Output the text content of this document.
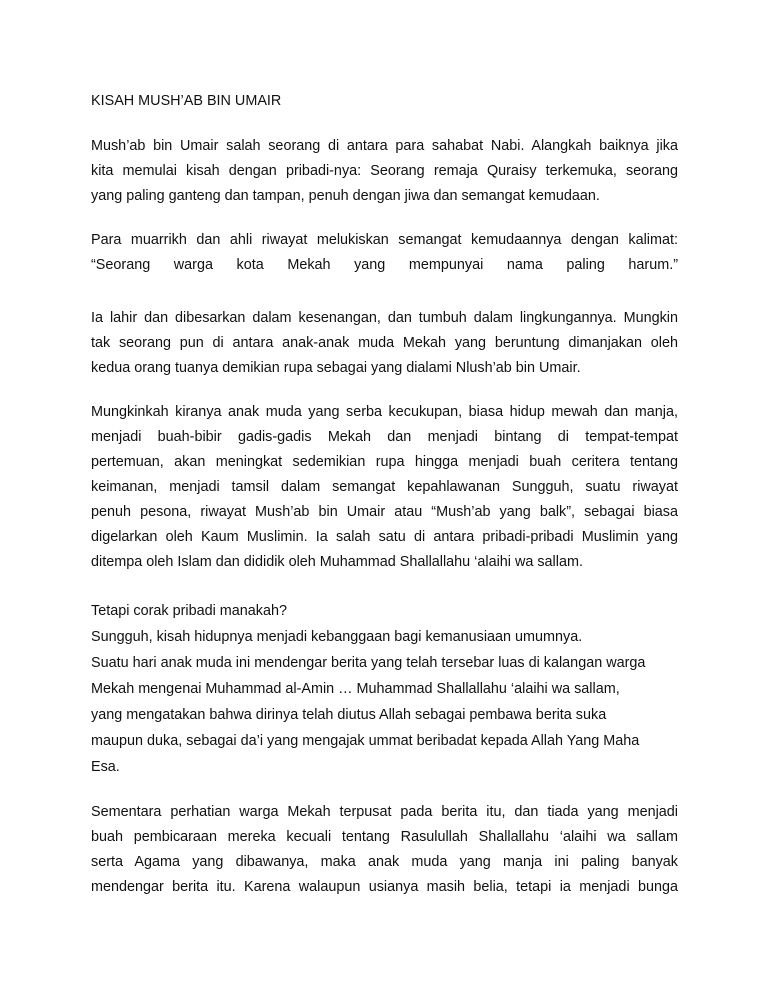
KISAH MUSH’AB BIN UMAIR

Mush’ab bin Umair salah seorang di antara para sahabat Nabi. Alangkah baiknya jika
kita memulai kisah dengan pribadi-nya: Seorang remaja Quraisy terkemuka, seorang
yang paling ganteng dan tampan, penuh dengan jiwa dan semangat kemudaan.

Para muarrikh dan ahli riwayat melukiskan semangat kemudaannya dengan kalimat:
“Seorang warga kota Mekah yang mempunyai nama paling harum.”

Ia lahir dan dibesarkan dalam kesenangan, dan tumbuh dalam lingkungannya. Mungkin
tak seorang pun di antara anak-anak muda Mekah yang beruntung dimanjakan oleh
kedua orang tuanya demikian rupa sebagai yang dialami Nlush’ab bin Umair.

Mungkinkah kiranya anak muda yang serba kecukupan, biasa hidup mewah dan manja,
menjadi buah-bibir gadis-gadis Mekah dan menjadi bintang di tempat-tempat
pertemuan, akan meningkat sedemikian rupa hingga menjadi buah ceritera tentang
keimanan, menjadi tamsil dalam semangat kepahlawanan Sungguh, suatu riwayat
penuh pesona, riwayat Mush’ab bin Umair atau “Mush’ab yang balk”, sebagai biasa
digelarkan oleh Kaum Muslimin. Ia salah satu di antara pribadi-pribadi Muslimin yang
ditempa oleh Islam dan dididik oleh Muhammad Shallallahu ‘alaihi wa sallam.

Tetapi corak pribadi manakah?
Sungguh, kisah hidupnya menjadi kebanggaan bagi kemanusiaan umumnya.
Suatu hari anak muda ini mendengar berita yang telah tersebar luas di kalangan warga
Mekah mengenai Muhammad al-Amin … Muhammad Shallallahu ‘alaihi wa sallam,
yang mengatakan bahwa dirinya telah diutus Allah sebagai pembawa berita suka
maupun duka, sebagai da’i yang mengajak ummat beribadat kepada Allah Yang Maha
Esa.

Sementara perhatian warga Mekah terpusat pada berita itu, dan tiada yang menjadi
buah pembicaraan mereka kecuali tentang Rasulullah Shallallahu ‘alaihi wa sallam
serta Agama yang dibawanya, maka anak muda yang manja ini paling banyak
mendengar berita itu. Karena walaupun usianya masih belia, tetapi ia menjadi bunga
